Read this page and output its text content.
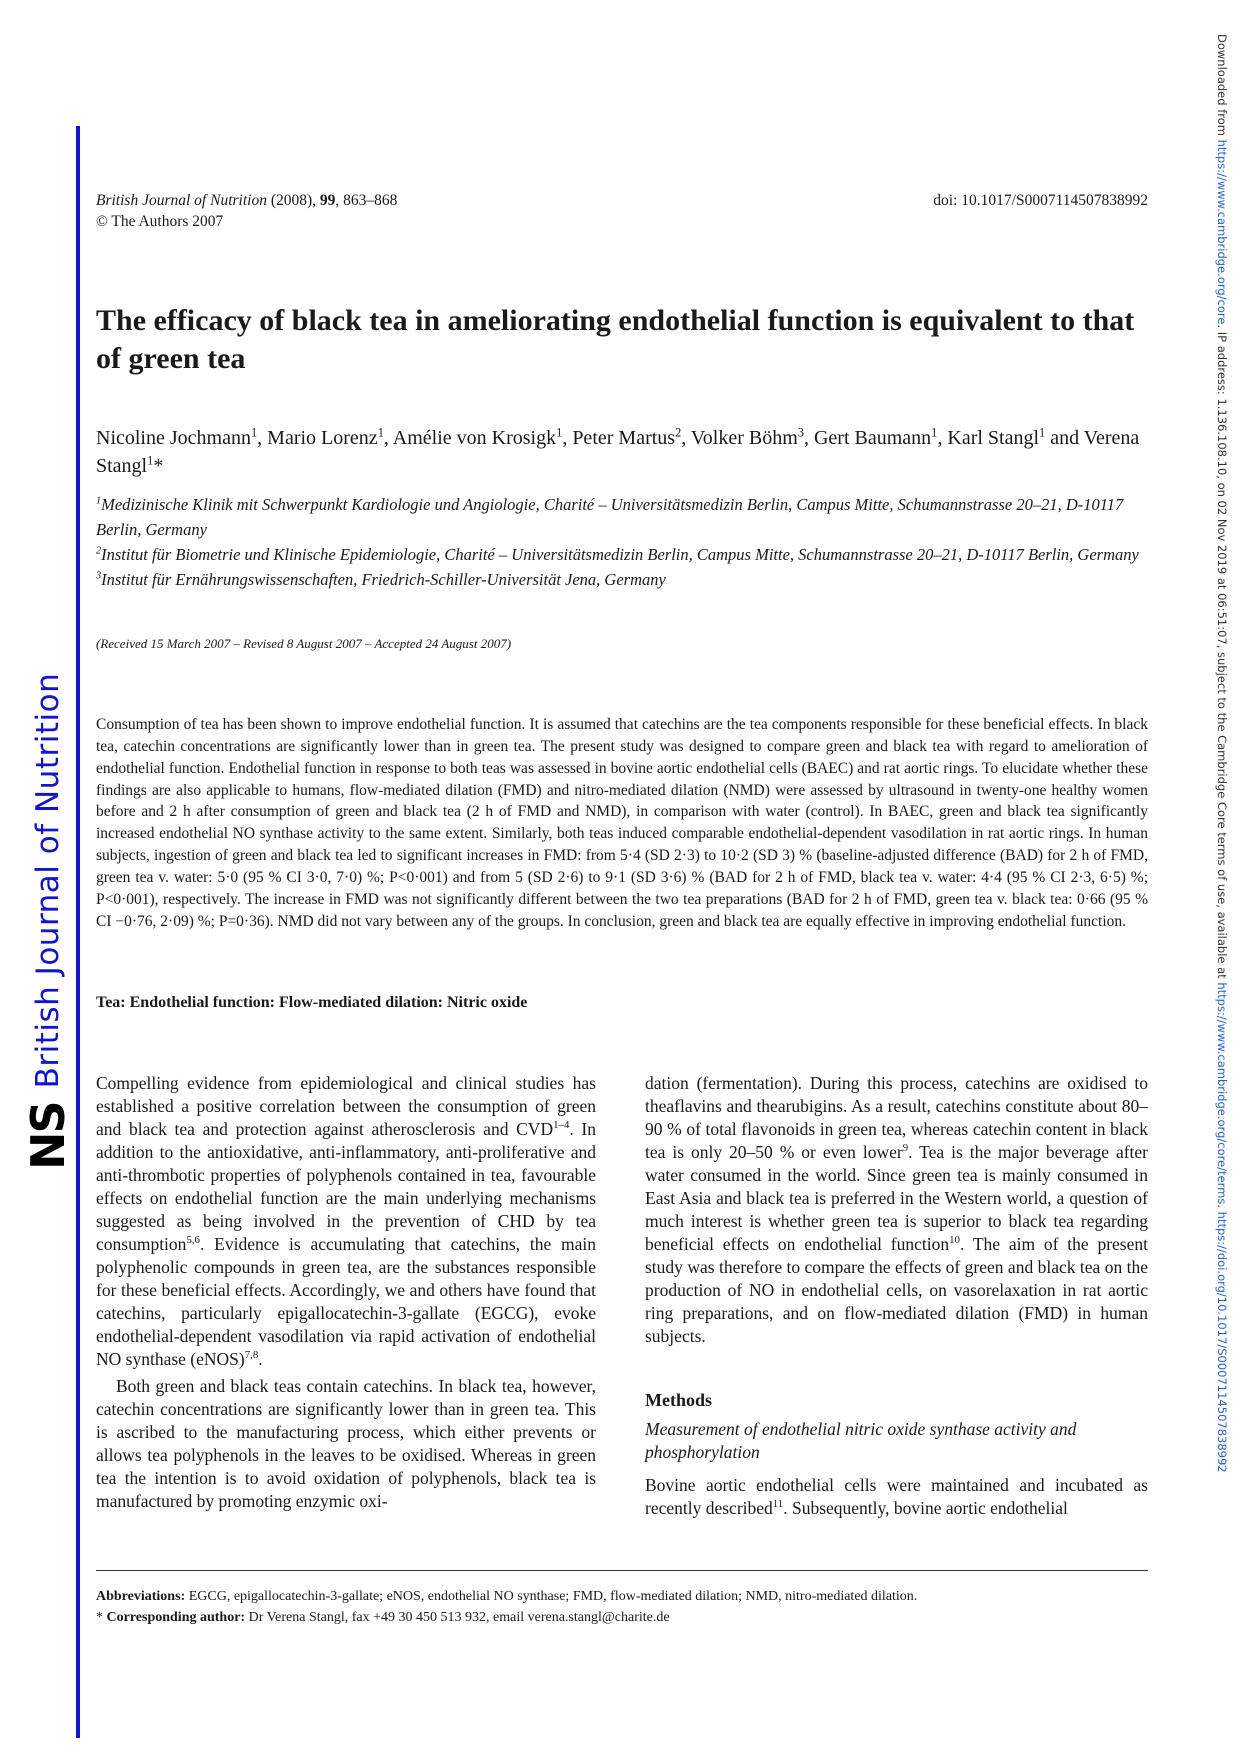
NS
British Journal of Nutrition
Downloaded from https://www.cambridge.org/core. IP address: 1.136.108.10, on 02 Nov 2019 at 06:51:07, subject to the Cambridge Core terms of use, available at https://www.cambridge.org/core/terms. https://doi.org/10.1017/S0007114507838992
British Journal of Nutrition (2008), 99, 863–868
© The Authors 2007
doi: 10.1017/S0007114507838992
The efficacy of black tea in ameliorating endothelial function is equivalent to that of green tea
Nicoline Jochmann$^1$, Mario Lorenz$^1$, Amélie von Krosigk$^1$, Peter Martus$^2$, Volker Böhm$^3$, Gert Baumann$^1$, Karl Stangl$^1$ and Verena Stangl$^1$*
$^1$Medizinische Klinik mit Schwerpunkt Kardiologie und Angiologie, Charité – Universitätsmedizin Berlin, Campus Mitte, Schumannstrasse 20–21, D-10117 Berlin, Germany
$^2$Institut für Biometrie und Klinische Epidemiologie, Charité – Universitätsmedizin Berlin, Campus Mitte, Schumannstrasse 20–21, D-10117 Berlin, Germany
$^3$Institut für Ernährungswissenschaften, Friedrich-Schiller-Universität Jena, Germany
(Received 15 March 2007 – Revised 8 August 2007 – Accepted 24 August 2007)

Consumption of tea has been shown to improve endothelial function. It is assumed that catechins are the tea components responsible for these beneficial effects. In black tea, catechin concentrations are significantly lower than in green tea. The present study was designed to compare green and black tea with regard to amelioration of endothelial function. Endothelial function in response to both teas was assessed in bovine aortic endothelial cells (BAEC) and rat aortic rings. To elucidate whether these findings are also applicable to humans, flow-mediated dilation (FMD) and nitro-mediated dilation (NMD) were assessed by ultrasound in twenty-one healthy women before and 2 h after consumption of green and black tea (2 h of FMD and NMD), in comparison with water (control). In BAEC, green and black tea significantly increased endothelial NO synthase activity to the same extent. Similarly, both teas induced comparable endothelial-dependent vasodilation in rat aortic rings. In human subjects, ingestion of green and black tea led to significant increases in FMD: from 5·4 (SD 2·3) to 10·2 (SD 3) % (baseline-adjusted difference (BAD) for 2 h of FMD, green tea v. water: 5·0 (95 % CI 3·0, 7·0) %; P<0·001) and from 5 (SD 2·6) to 9·1 (SD 3·6) % (BAD for 2 h of FMD, black tea v. water: 4·4 (95 % CI 2·3, 6·5) %; P<0·001), respectively. The increase in FMD was not significantly different between the two tea preparations (BAD for 2 h of FMD, green tea v. black tea: 0·66 (95 % CI −0·76, 2·09) %; P=0·36). NMD did not vary between any of the groups. In conclusion, green and black tea are equally effective in improving endothelial function.

Tea: Endothelial function: Flow-mediated dilation: Nitric oxide

Compelling evidence from epidemiological and clinical studies has established a positive correlation between the consumption of green and black tea and protection against atherosclerosis and CVD$^{1-4}$. In addition to the antioxidative, anti-inflammatory, anti-proliferative and anti-thrombotic properties of polyphenols contained in tea, favourable effects on endothelial function are the main underlying mechanisms suggested as being involved in the prevention of CHD by tea consumption$^{5,6}$. Evidence is accumulating that catechins, the main polyphenolic compounds in green tea, are the substances responsible for these beneficial effects. Accordingly, we and others have found that catechins, particularly epigallocatechin-3-gallate (EGCG), evoke endothelial-dependent vasodilation via rapid activation of endothelial NO synthase (eNOS)$^{7,8}$.

Both green and black teas contain catechins. In black tea, however, catechin concentrations are significantly lower than in green tea. This is ascribed to the manufacturing process, which either prevents or allows tea polyphenols in the leaves to be oxidised. Whereas in green tea the intention is to avoid oxidation of polyphenols, black tea is manufactured by promoting enzymic oxi-

dation (fermentation). During this process, catechins are oxidised to theaflavins and thearubigins. As a result, catechins constitute about 80–90 % of total flavonoids in green tea, whereas catechin content in black tea is only 20–50 % or even lower$^9$. Tea is the major beverage after water consumed in the world. Since green tea is mainly consumed in East Asia and black tea is preferred in the Western world, a question of much interest is whether green tea is superior to black tea regarding beneficial effects on endothelial function$^{10}$. The aim of the present study was therefore to compare the effects of green and black tea on the production of NO in endothelial cells, on vasorelaxation in rat aortic ring preparations, and on flow-mediated dilation (FMD) in human subjects.

Methods
Measurement of endothelial nitric oxide synthase activity and phosphorylation

Bovine aortic endothelial cells were maintained and incubated as recently described$^{11}$. Subsequently, bovine aortic endothelial

Abbreviations: EGCG, epigallocatechin-3-gallate; eNOS, endothelial NO synthase; FMD, flow-mediated dilation; NMD, nitro-mediated dilation.

* Corresponding author: Dr Verena Stangl, fax +49 30 450 513 932, email verena.stangl@charite.de
